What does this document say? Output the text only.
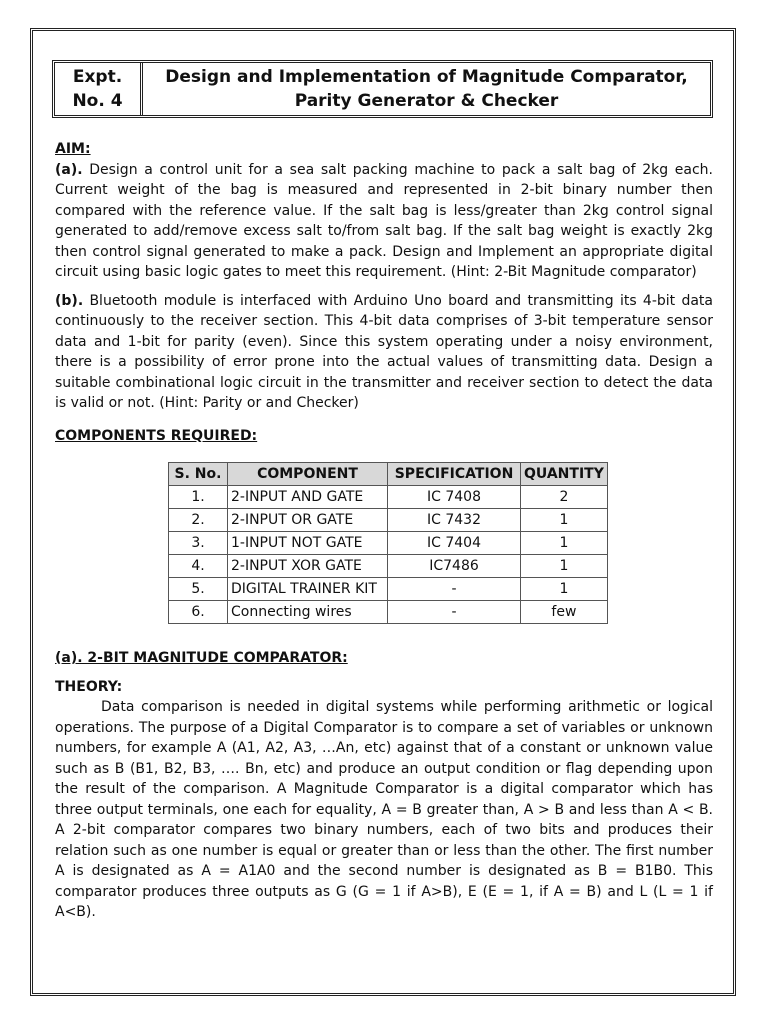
Expt.
No. 4
Design and Implementation of Magnitude Comparator,
Parity Generator & Checker
AIM:

(a). Design a control unit for a sea salt packing machine to pack a salt bag of 2kg each. Current weight of the bag is measured and represented in 2-bit binary number then compared with the reference value. If the salt bag is less/greater than 2kg control signal generated to add/remove excess salt to/from salt bag. If the salt bag weight is exactly 2kg then control signal generated to make a pack. Design and Implement an appropriate digital circuit using basic logic gates to meet this requirement. (Hint: 2-Bit Magnitude comparator)

(b). Bluetooth module is interfaced with Arduino Uno board and transmitting its 4-bit data continuously to the receiver section. This 4-bit data comprises of 3-bit temperature sensor data and 1-bit for parity (even). Since this system operating under a noisy environment, there is a possibility of error prone into the actual values of transmitting data. Design a suitable combinational logic circuit in the transmitter and receiver section to detect the data is valid or not. (Hint: Parity or and Checker)

COMPONENTS REQUIRED:
S. No.	COMPONENT	SPECIFICATION	QUANTITY
1.	2-INPUT AND GATE	IC 7408	2
2.	2-INPUT OR GATE	IC 7432	1
3.	1-INPUT NOT GATE	IC 7404	1
4.	2-INPUT XOR GATE	IC7486	1
5.	DIGITAL TRAINER KIT	-	1
6.	Connecting wires	-	few
(a). 2-BIT MAGNITUDE COMPARATOR:
THEORY:

Data comparison is needed in digital systems while performing arithmetic or logical operations. The purpose of a Digital Comparator is to compare a set of variables or unknown numbers, for example A (A1, A2, A3, …An, etc) against that of a constant or unknown value such as B (B1, B2, B3, …. Bn, etc) and produce an output condition or flag depending upon the result of the comparison. A Magnitude Comparator is a digital comparator which has three output terminals, one each for equality, A = B greater than, A > B and less than A < B. A 2-bit comparator compares two binary numbers, each of two bits and produces their relation such as one number is equal or greater than or less than the other. The first number A is designated as A = A1A0 and the second number is designated as B = B1B0. This comparator produces three outputs as G (G = 1 if A>B), E (E = 1, if A = B) and L (L = 1 if A<B).
